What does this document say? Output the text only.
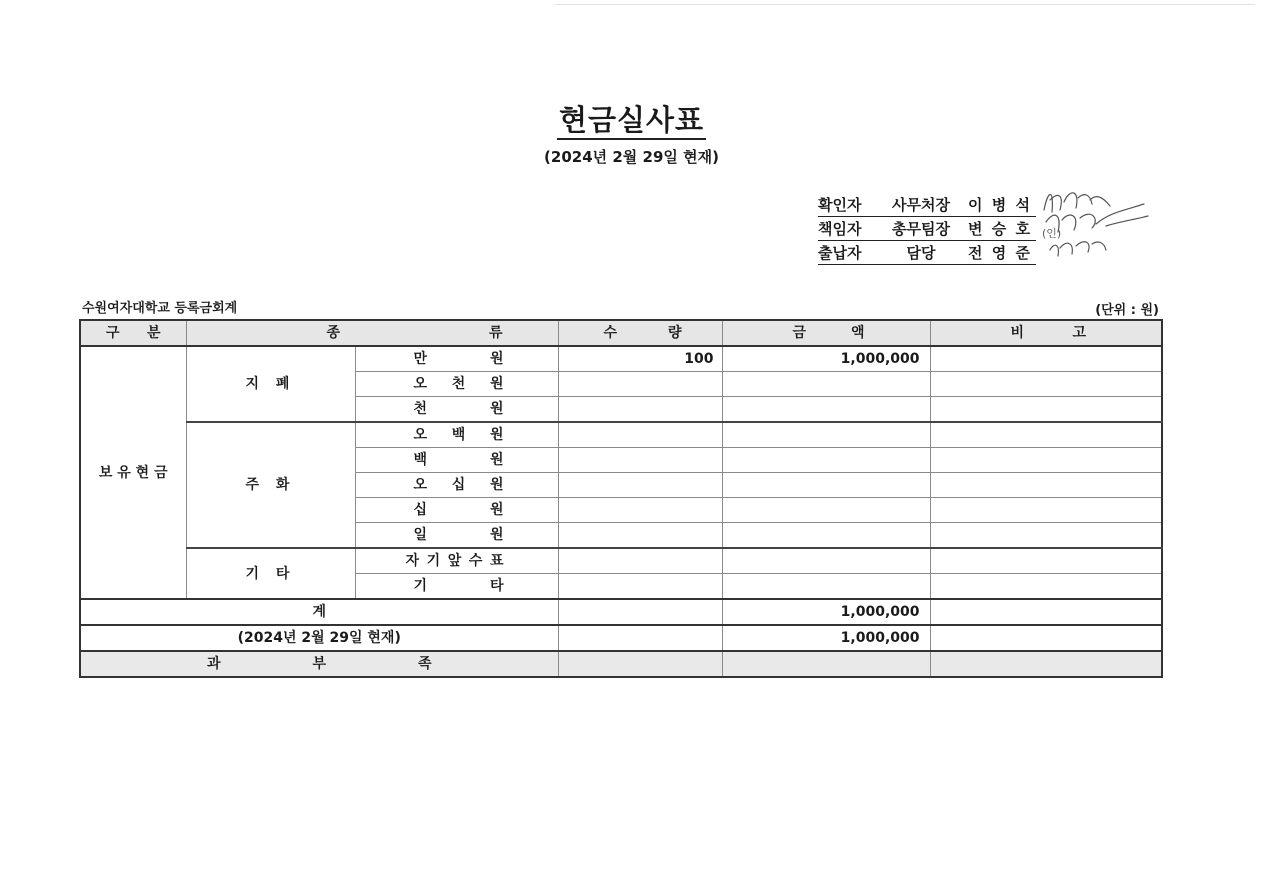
현금실사표
(2024년 2월 29일 현재)
확인자	사무처장	이 병 석
책임자	총무팀장	변 승 호 (인)
출납자	담당	전 영 준
수원여자대학교 등록금회계	(단위 : 원)
구 분	종 류		수 량	금 액	비 고

보 유 현 금	지 폐	만 원	100	1,000,000	
		오 천 원			
		천 원			
	주 화	오 백 원			
		백 원			
		오 십 원			
		십 원			
		일 원			
	기 타	자 기 앞 수 표			
		기 타			
계				1,000,000	
(2024년 2월 29일 현재)				1,000,000	

과 부 족					
